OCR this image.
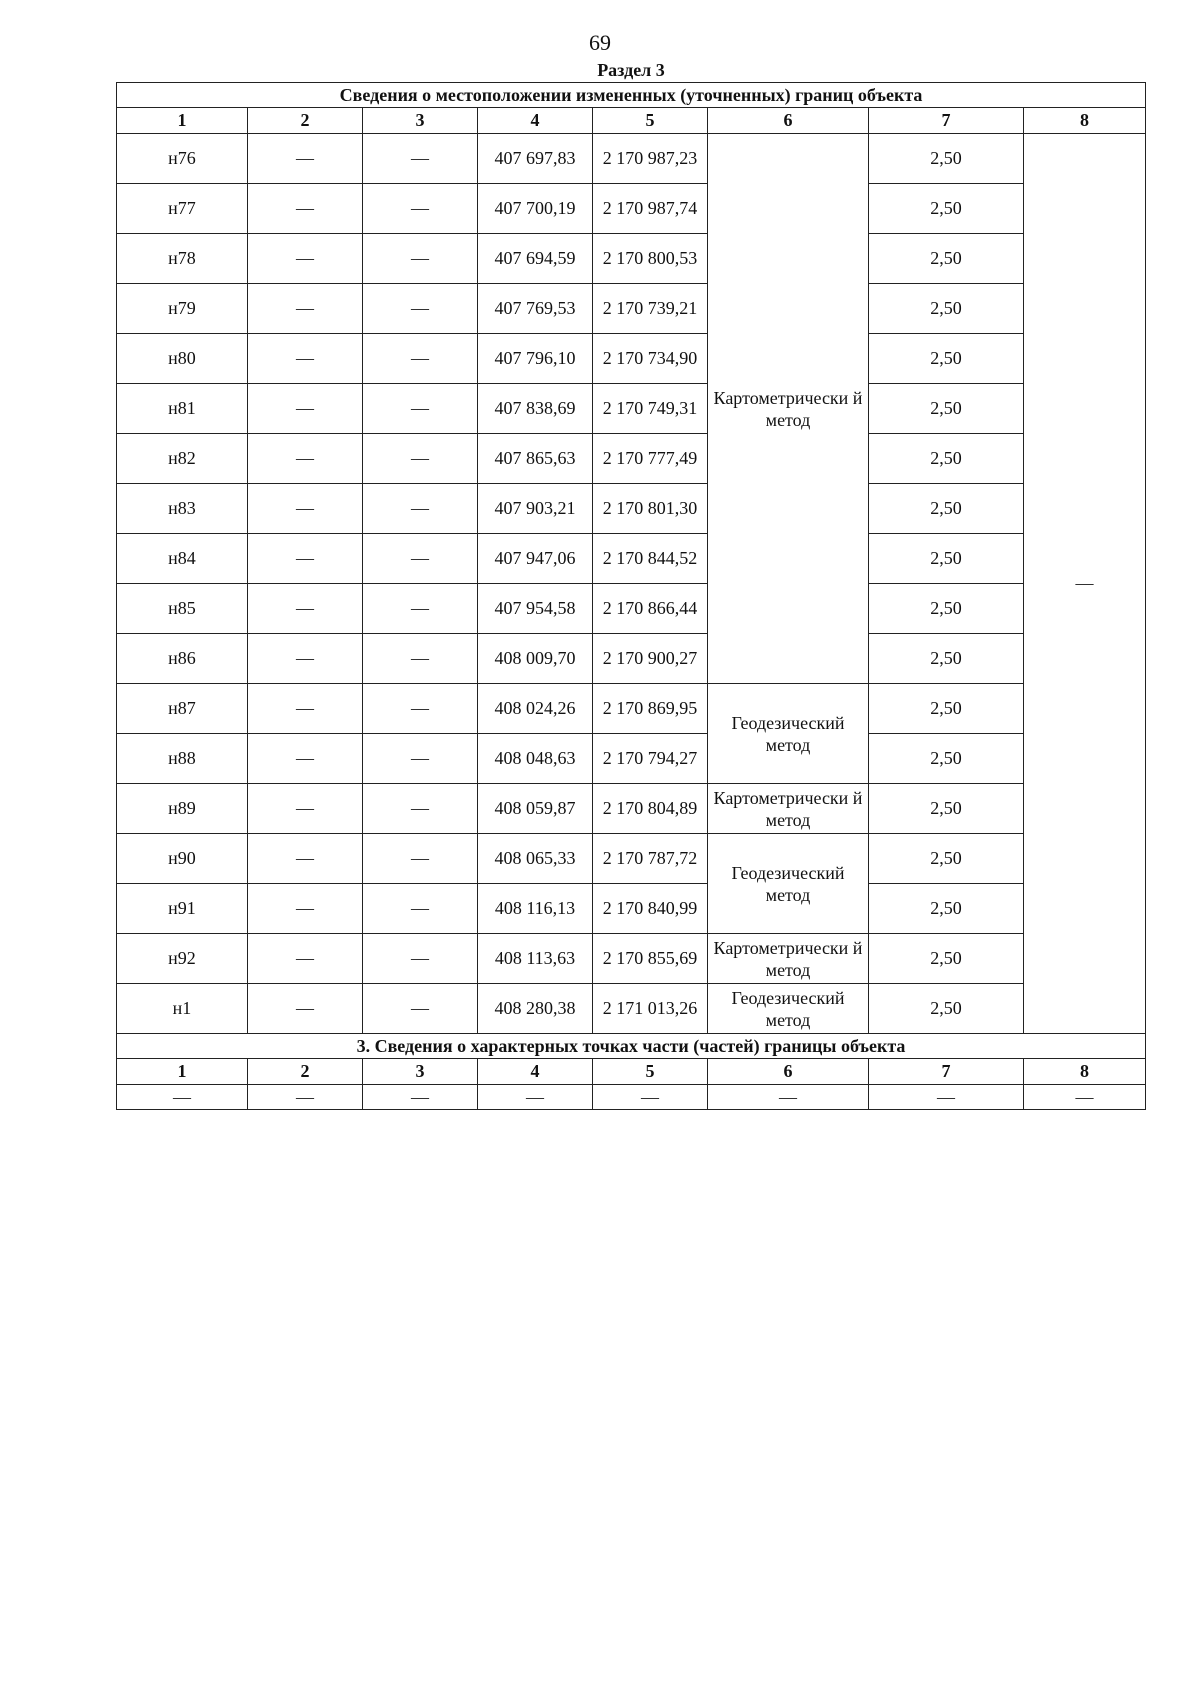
69
Раздел 3
Сведения о местоположении измененных (уточненных) границ объекта							
1	2	3	4	5	6	7	8
н76	—	—	407 697,83	2 170 987,23	Картометрически й метод	2,50	—
н77	—	—	407 700,19	2 170 987,74		2,50	
н78	—	—	407 694,59	2 170 800,53		2,50	
н79	—	—	407 769,53	2 170 739,21		2,50	
н80	—	—	407 796,10	2 170 734,90		2,50	
н81	—	—	407 838,69	2 170 749,31		2,50	
н82	—	—	407 865,63	2 170 777,49		2,50	
н83	—	—	407 903,21	2 170 801,30		2,50	
н84	—	—	407 947,06	2 170 844,52		2,50	
н85	—	—	407 954,58	2 170 866,44		2,50	
н86	—	—	408 009,70	2 170 900,27		2,50	
н87	—	—	408 024,26	2 170 869,95	Геодезический метод	2,50	
н88	—	—	408 048,63	2 170 794,27		2,50	
н89	—	—	408 059,87	2 170 804,89	Картометрически й метод	2,50	
н90	—	—	408 065,33	2 170 787,72	Геодезический метод	2,50	
н91	—	—	408 116,13	2 170 840,99		2,50	
н92	—	—	408 113,63	2 170 855,69	Картометрически й метод	2,50	
н1	—	—	408 280,38	2 171 013,26	Геодезический метод	2,50	
3. Сведения о характерных точках части (частей) границы объекта							
1	2	3	4	5	6	7	8
—	—	—	—	—	—	—	—
